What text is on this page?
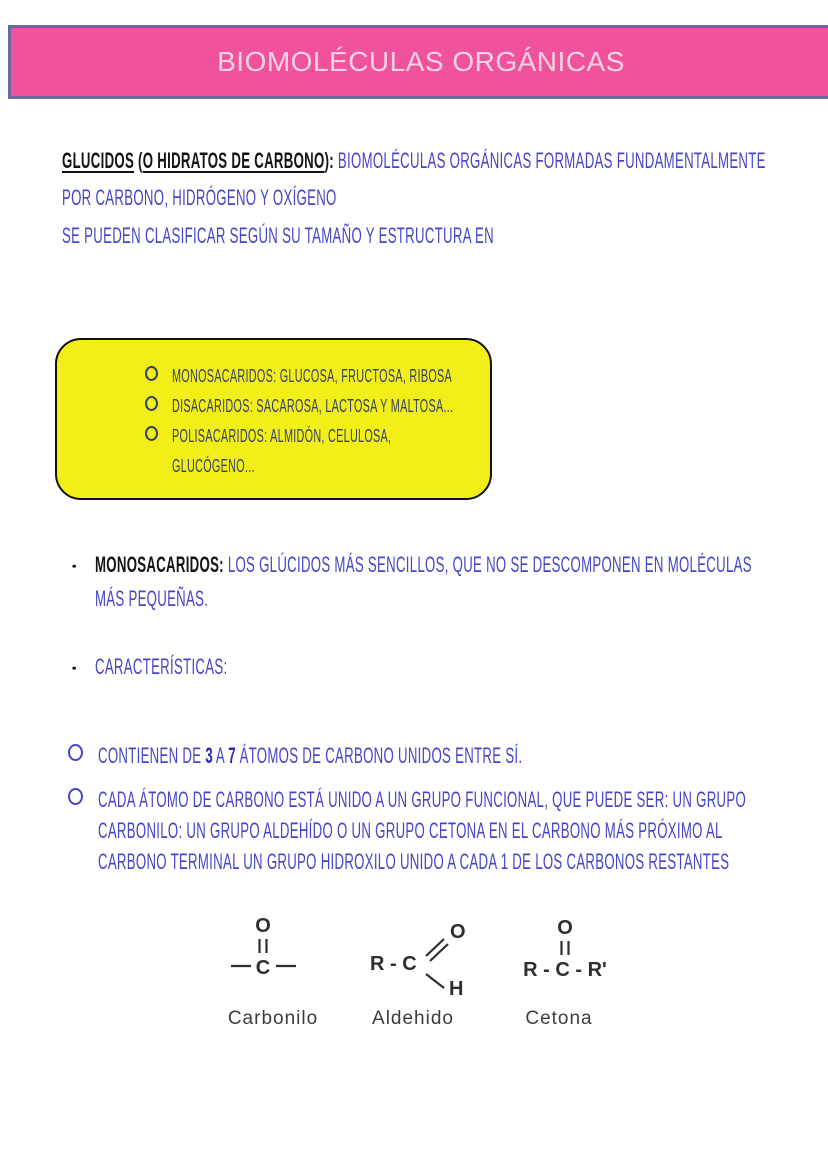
BIOMOLÉCULAS ORGÁNICAS
GLUCIDOS (O HIDRATOS DE CARBONO): BIOMOLÉCULAS ORGÁNICAS FORMADAS FUNDAMENTALMENTE POR CARBONO, HIDRÓGENO Y OXÍGENO
SE PUEDEN CLASIFICAR SEGÚN SU TAMAÑO Y ESTRUCTURA EN
MONOSACARIDOS: GLUCOSA, FRUCTOSA, RIBOSA
DISACARIDOS: SACAROSA, LACTOSA Y MALTOSA...
POLISACARIDOS: ALMIDÓN, CELULOSA, GLUCÓGENO...
- MONOSACARIDOS: LOS GLÚCIDOS MÁS SENCILLOS, QUE NO SE DESCOMPONEN EN MOLÉCULAS MÁS PEQUEÑAS.
- CARACTERÍSTICAS:
CONTIENEN DE 3 A 7 ÁTOMOS DE CARBONO UNIDOS ENTRE SÍ.
CADA ÁTOMO DE CARBONO ESTÁ UNIDO A UN GRUPO FUNCIONAL, QUE PUEDE SER: UN GRUPO CARBONILO: UN GRUPO ALDEHÍDO O UN GRUPO CETONA EN EL CARBONO MÁS PRÓXIMO AL CARBONO TERMINAL UN GRUPO HIDROXILO UNIDO A CADA 1 DE LOS CARBONOS RESTANTES
O
C	R - C
O
H
O
R - C - R'
Carbonilo	Aldehido	Cetona
